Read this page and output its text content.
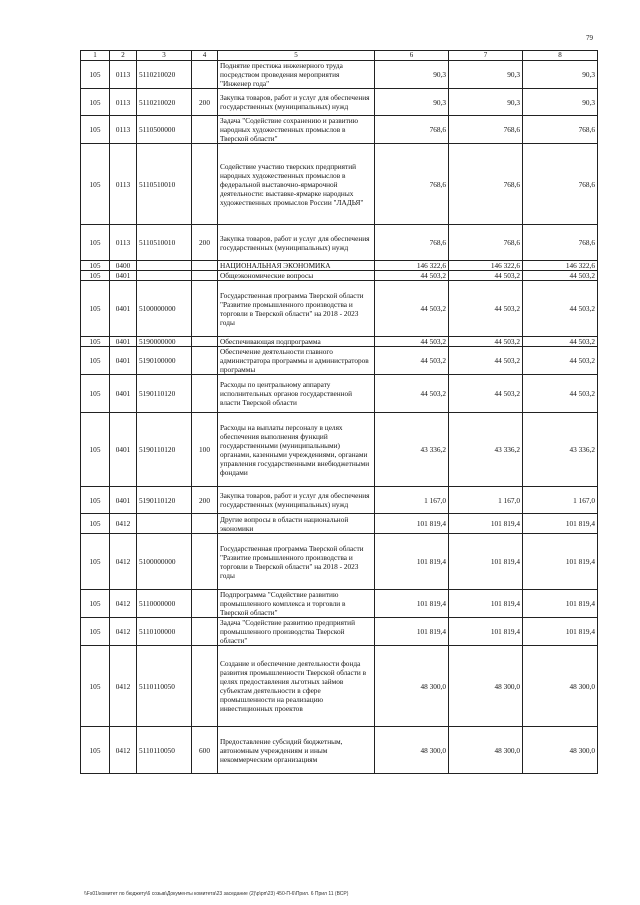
79
1	2	3	4	5	6	7	8
105	0113	5110210020		Поднятие престижа инженерного труда посредством проведения мероприятия "Инженер года"	90,3	90,3	90,3
105	0113	5110210020	200	Закупка товаров, работ и услуг для обеспечения государственных (муниципальных) нужд	90,3	90,3	90,3
105	0113	5110500000		Задача "Содействие сохранению и развитию народных художественных промыслов в Тверской области"	768,6	768,6	768,6
105	0113	5110510010		Содействие участию тверских предприятий народных художественных промыслов в федеральной выставочно-ярмарочной деятельности: выставке-ярмарке народных художественных промыслов России "ЛАДЬЯ"	768,6	768,6	768,6
105	0113	5110510010	200	Закупка товаров, работ и услуг для обеспечения государственных (муниципальных) нужд	768,6	768,6	768,6
105	0400			НАЦИОНАЛЬНАЯ ЭКОНОМИКА	146 322,6	146 322,6	146 322,6
105	0401			Общеэкономические вопросы	44 503,2	44 503,2	44 503,2
105	0401	5100000000		Государственная программа Тверской области "Развитие промышленного производства и торговли в Тверской области" на 2018 - 2023 годы	44 503,2	44 503,2	44 503,2
105	0401	5190000000		Обеспечивающая подпрограмма	44 503,2	44 503,2	44 503,2
105	0401	5190100000		Обеспечение деятельности главного администратора программы и администраторов программы	44 503,2	44 503,2	44 503,2
105	0401	5190110120		Расходы по центральному аппарату исполнительных органов государственной власти Тверской области	44 503,2	44 503,2	44 503,2
105	0401	5190110120	100	Расходы на выплаты персоналу в целях обеспечения выполнения функций государственными (муниципальными) органами, казенными учреждениями, органами управления государственными внебюджетными фондами	43 336,2	43 336,2	43 336,2
105	0401	5190110120	200	Закупка товаров, работ и услуг для обеспечения государственных (муниципальных) нужд	1 167,0	1 167,0	1 167,0
105	0412			Другие вопросы в области национальной экономики	101 819,4	101 819,4	101 819,4
105	0412	5100000000		Государственная программа Тверской области "Развитие промышленного производства и торговли в Тверской области" на 2018 - 2023 годы	101 819,4	101 819,4	101 819,4
105	0412	5110000000		Подпрограмма "Содействие развитию промышленного комплекса и торговли в Тверской области"	101 819,4	101 819,4	101 819,4
105	0412	5110100000		Задача "Содействие развитию предприятий промышленного производства Тверской области"	101 819,4	101 819,4	101 819,4
105	0412	5110110050		Создание и обеспечение деятельности фонда развития промышленности Тверской области в целях предоставления льготных займов субъектам деятельности в сфере промышленности на реализацию инвестиционных проектов	48 300,0	48 300,0	48 300,0
105	0412	5110110050	600	Предоставление субсидий бюджетным, автономным учреждениям и иным некоммерческим организациям	48 300,0	48 300,0	48 300,0
\\Fs01\комитет по бюджету\6 созыв\Документы комитета\23 заседание (2)\р\рп\23) 450-П-6\Прил. 6 Прил 11 (ВСР)
